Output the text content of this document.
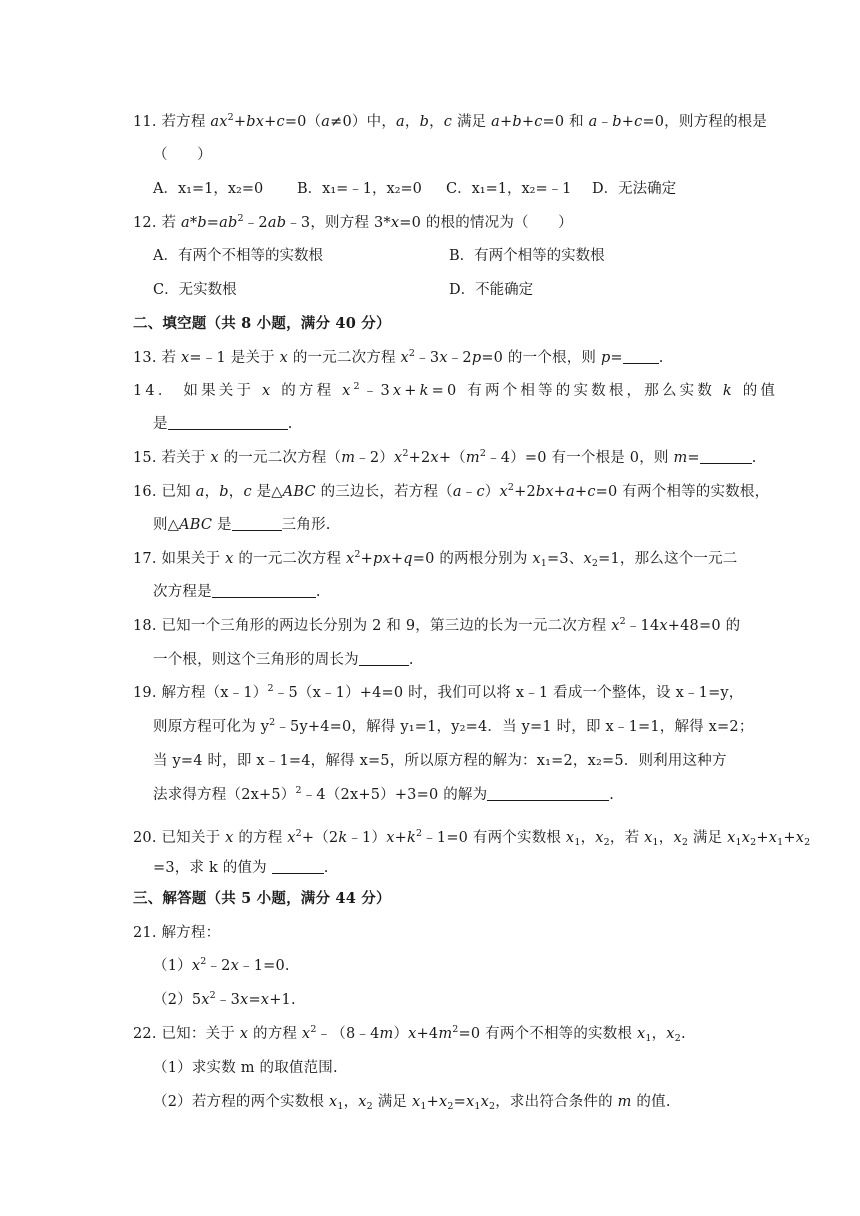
11. 若方程 $ax^2+bx+c=0(a\ne 0)$中，a，b，c 满足 a+b+c=0 和 a﹣b+c=0，则方程的根是
（　　）
A．x₁=1，x₂=0 B．x₁=﹣1，x₂=0 C．x₁=1，x₂=﹣1 D．无法确定
12. 若 $a*b=ab^2﹣2ab﹣3$，则方程 3*x=0 的根的情况为（　　）
A．有两个不相等的实数根	B．有两个相等的实数根
C．无实数根	D．不能确定
二、填空题（共 8 小题，满分 40 分）
13. 若 x=﹣1 是关于 x 的一元二次方程 $x^2﹣3x﹣2p=0$ 的一个根，则 p= .
14． 如果关于 x 的方程 $x^2﹣3x+k=0$ 有两个相等的实数根，那么实数 k 的值
是	.
15. 若关于 x 的一元二次方程$(m﹣2)x^2+2x+(m^2﹣4)=0$ 有一个根是 0，则 m=	.
16. 已知 a，b，c 是△ABC 的三边长，若方程$(a﹣c)x^2+2bx+a+c=0$ 有两个相等的实数根，
则△ABC 是	三角形.
17. 如果关于 x 的一元二次方程 $x^2+px+q=0$ 的两根分别为 $x_1=3$、$x_2=1$，那么这个一元二
次方程是	.
18. 已知一个三角形的两边长分别为 2 和 9，第三边的长为一元二次方程 $x^2﹣14x+48=0$ 的
一个根，则这个三角形的周长为	.
19. 解方程（x﹣1）$^2$﹣5（x﹣1）+4=0 时，我们可以将 x﹣1 看成一个整体，设 x﹣1=y，
则原方程可化为 $y^2﹣5y+4=0$，解得 y₁=1，y₂=4．当 y=1 时，即 x﹣1=1，解得 x=2；
当 y=4 时，即 x﹣1=4，解得 x=5，所以原方程的解为：x₁=2，x₂=5．则利用这种方
法求得方程$(2x+5)^2﹣4(2x+5)+3=0$ 的解为	.
20. 已知关于 x 的方程 $x^2+(2k﹣1)x+k^2﹣1=0$ 有两个实数根 $x_1$，$x_2$，若 $x_1$，$x_2$ 满足 $x_1x_2+x_1+x_2$
=3，求 k 的值为	.
三、解答题（共 5 小题，满分 44 分）
21. 解方程：
$(1)x^2﹣2x﹣1=0$.
$(2)5x^2﹣3x=x+1$.
22. 已知：关于 x 的方程 $x^2﹣(8﹣4m)x+4m^2=0$ 有两个不相等的实数根 $x_1$，$x_2$.
（1）求实数 m 的取值范围.
（2）若方程的两个实数根 $x_1$，$x_2$ 满足 $x_1+x_2=x_1x_2$，求出符合条件的 m 的值.
